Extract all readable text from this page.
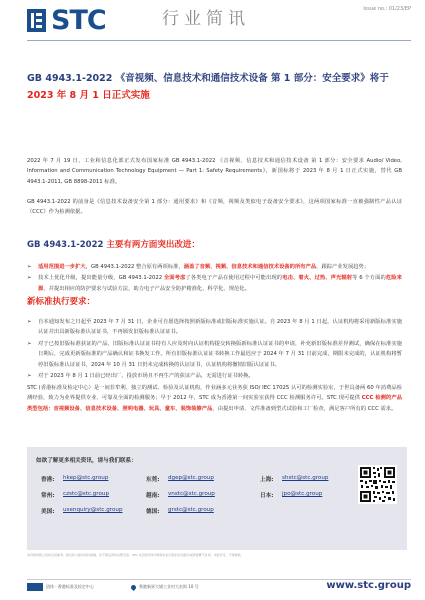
STC	行业简讯	Issue no.: 01/23/EP
GB 4943.1-2022 《音视频、信息技术和通信技术设备 第 1 部分：安全要求》将于 2023 年 8 月 1 日正式实施
2022 年 7 月 19 日，工业和信息化部正式发布国家标准 GB 4943.1-2022 《音视频、信息技术和通信技术设备 第 1 部分：安全要求 Audio/ Video, Information and Communication Technology Equipment — Part 1: Safety Requirements》，新国标将于 2023 年 8 月 1 日正式实施，替代 GB 4943.1-2011, GB 8898-2011 标准。
GB 4943.1-2022 的前身是《信息技术设备安全第 1 部分：通用要求》和《音频，视频及类似电子设备安全要求》，这两项国家标准一直被强制性产品认证（CCC）作为检测依据。
GB 4943.1-2022 主要有两方面突出改进：
➢ 适用范围进一步扩大，GB 4943.1-2022 整合原有两项标准，涵盖了音频、视频、信息技术和通信技术设备的所有产品，跟踪产业发展趋势；
➢ 技术上优化升级，提出能量分级，GB 4943.1-2022 全面考虑了各类电子产品在使用过程中可能出现的电击、着火、过热、声光辐射等 6 个方面的危险来源，并提出相应的防护要求与试验方法，助力电子产品安全防护精准化、科学化、规范化。
新标准执行要求：
➢ 自本通知发布之日起至 2023 年 7 月 31 日，企业可自愿选择按照新版标准或旧版标准实施认证。自 2023 年 8 月 1 日起，认证机构将采用新版标准实施认证并出具新版标准认证证书，不再颁发旧版标准认证证书。
➢ 对于已按旧版标准获证的产品，旧版标准认证证书持有人应及时向认证机构提交转换版新标准认证证书的申请，补充新旧版标准差异测试，确保在标准实施日期后，完成更新版标准的产品确认和证书换发工作。所有旧版标准认证证书转换工作最迟应于 2024 年 7 月 31 日前完成，期限未完成的，认证机构将暂停旧版标准认证证书，2024 年 10 月 31 日仍未完成转换的认证证书，认证机构将撤销旧版认证证书。
➢ 对于 2023 年 8 月 1 日前已经出厂、投放市场且不再生产的获证产品，无需进行证书转换。
STC (香港标准及检定中心）是一间非牟利、独立的测试、检验及认证机构，作业涵多元业务获 ISO/ IEC 17025 认可的检测实验室，于世具备两 60 年消费品检测经验，致力为业界提供专业、可靠及全面的检测服务；早于 2012 年，STC 成为香港第一间实验室获得 CCC 检测服务许可。STC 现可提供 CCC 检测的产品类型包括：音视频设备、信息技术设备、照明电器、玩具、童车、装饰装修产品，由提出申请、文件准备到型式试验和工厂检查，满足客户所有的 CCC 需求。
如欲了解更多相关资讯，请与我们联系：
香港: hkep@stc.group	东莞: dgep@stc.group	上海: shstc@stc.group
常州: czstc@stc.group	越南: vnstc@stc.group	日本: jpo@stc.group
美国: usenquiry@stc.group	德国: grstc@stc.group
本刊物所载之资料仅供参考。我们致力保持资料准确，但不保证资料完整无误。STC 对因使用本刊物资料而引致的任何损失或损害概不负责。未经许可，不得转载。
团体 · 香港标准及检定中心	香港新界大埔工业村大宏街 10 号	www.stc.group
